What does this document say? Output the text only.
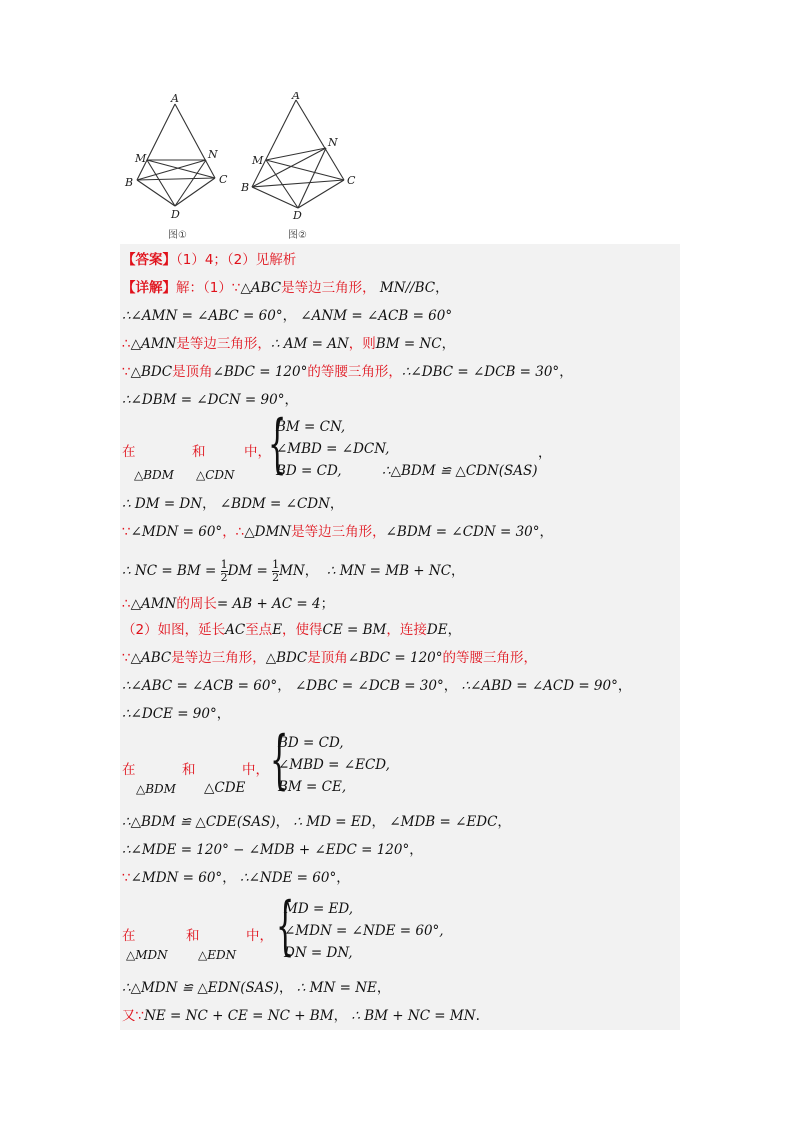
A
M	N
B	C
D
图①
A
M
N
B
C
D
图②
【答案】（1）4；（2）见解析
【详解】解：（1）∵△ABC是等边三角形， MN//BC，
∴∠AMN = ∠ABC = 60°， ∠ANM = ∠ACB = 60°
∴△AMN是等边三角形，∴ AM = AN，则BM = NC，
∵△BDC是顶角∠BDC = 120°的等腰三角形，∴∠DBC = ∠DCB = 30°，
∴∠DBM = ∠DCN = 90°，
在	和	中，
△BDM △CDN {
BM = CN,
∠MBD = ∠DCN,
BD = CD,	∴△BDM ≌ △CDN(SAS)
，
∴ DM = DN， ∠BDM = ∠CDN，
∵∠MDN = 60°，∴△DMN是等边三角形，∠BDM = ∠CDN = 30°，
∴ NC = BM = $\frac{1}{2}$ DM = $\frac{1}{2}$ MN， ∴ MN = MB + NC，
∴△AMN的周长= AB + AC = 4；
（2）如图，延长AC至点E，使得CE = BM，连接DE，
∵△ABC是等边三角形，△BDC是顶角∠BDC = 120°的等腰三角形，
∴∠ABC = ∠ACB = 60°， ∠DBC = ∠DCB = 30°， ∴∠ABD = ∠ACD = 90°，
∴∠DCE = 90°，
在	和	中，
△BDM △CDE {
BD = CD,
∠MBD = ∠ECD,
BM = CE,
∴△BDM ≌ △CDE(SAS)， ∴ MD = ED， ∠MDB = ∠EDC，
∴∠MDE = 120° − ∠MDB + ∠EDC = 120°，
∵∠MDN = 60°， ∴∠NDE = 60°，
在	和	中，
△MDN	△EDN {
MD = ED,
∠MDN = ∠NDE = 60°,
DN = DN,
∴△MDN ≌ △EDN(SAS)， ∴ MN = NE，
又∵NE = NC + CE = NC + BM， ∴ BM + NC = MN.
